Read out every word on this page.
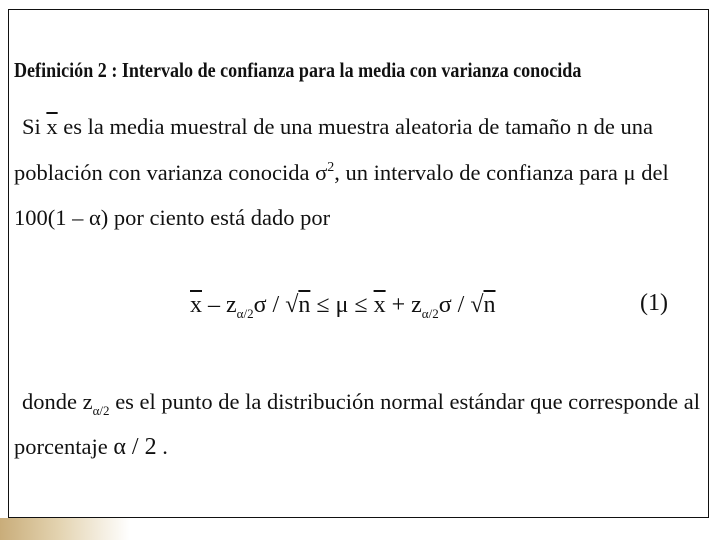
Definición 2 : Intervalo de confianza para la media con varianza conocida
Si $\overline{x}$ es la media muestral de una muestra aleatoria de tamaño n de una
población con varianza conocida $\sigma^2$, un intervalo de confianza para μ del
100(1 – α) por ciento está dado por
$\overline{x} - z_{\alpha/2}\sigma / √n \le \mu \le \overline{x} + z_{\alpha/2}\sigma / √n$	(1)
donde $z_{\alpha/2}$ es el punto de la distribución normal estándar que corresponde al
porcentaje α / 2 .
